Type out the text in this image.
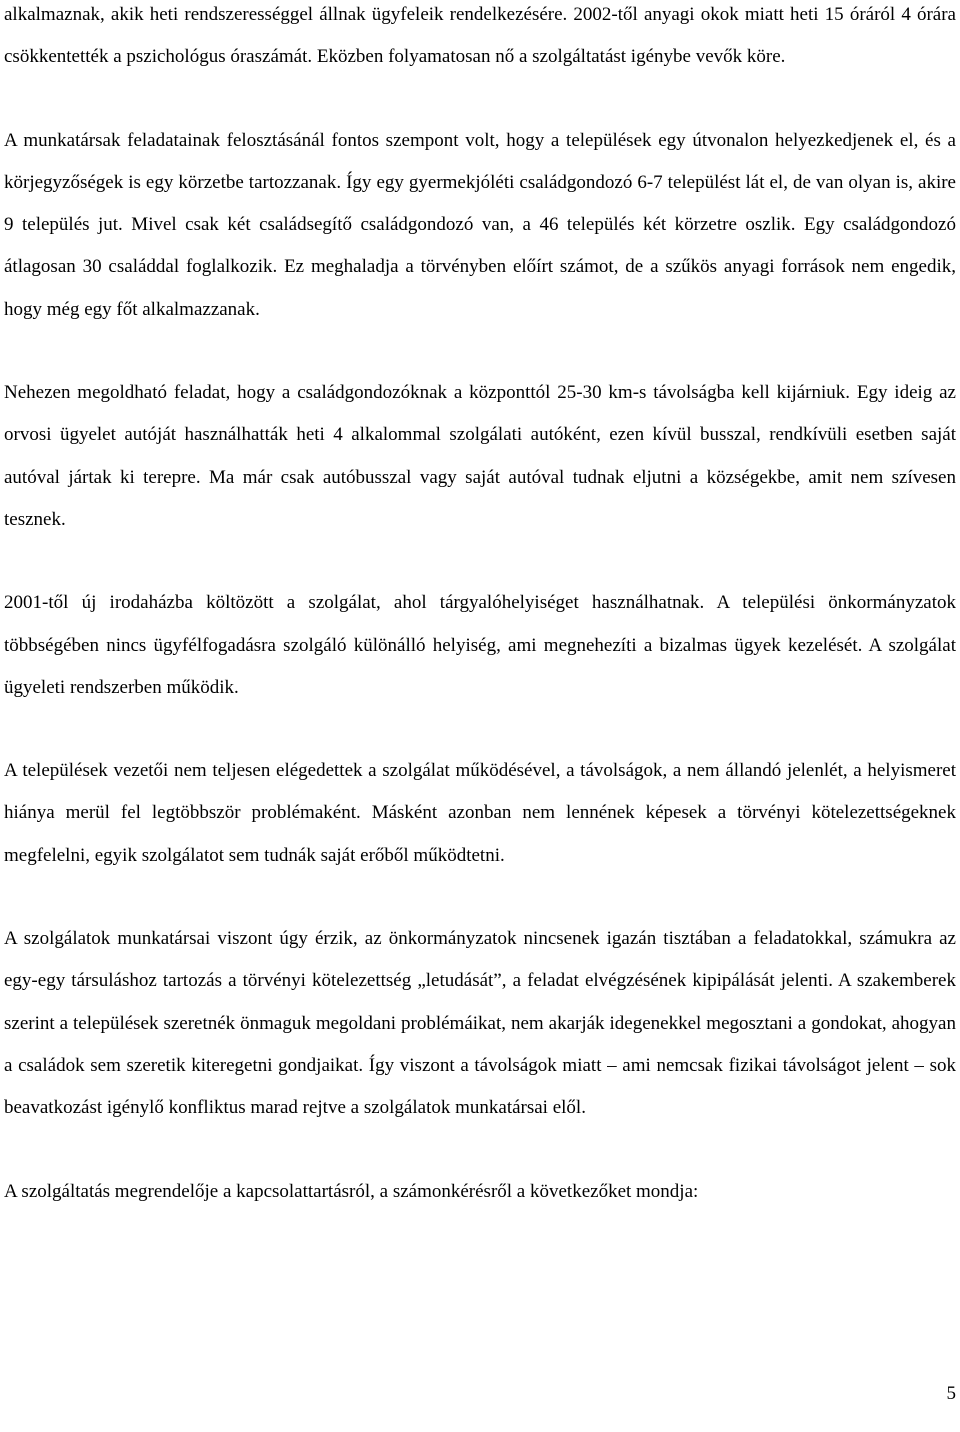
alkalmaznak, akik heti rendszerességgel állnak ügyfeleik rendelkezésére. 2002-től anyagi okok miatt heti 15 óráról 4 órára csökkentették a pszichológus óraszámát. Eközben folyamatosan nő a szolgáltatást igénybe vevők köre.

A munkatársak feladatainak felosztásánál fontos szempont volt, hogy a települések egy útvonalon helyezkedjenek el, és a körjegyzőségek is egy körzetbe tartozzanak. Így egy gyermekjóléti családgondozó 6-7 települést lát el, de van olyan is, akire 9 település jut. Mivel csak két családsegítő családgondozó van, a 46 település két körzetre oszlik. Egy családgondozó átlagosan 30 családdal foglalkozik. Ez meghaladja a törvényben előírt számot, de a szűkös anyagi források nem engedik, hogy még egy főt alkalmazzanak.

Nehezen megoldható feladat, hogy a családgondozóknak a központtól 25-30 km-s távolságba kell kijárniuk. Egy ideig az orvosi ügyelet autóját használhatták heti 4 alkalommal szolgálati autóként, ezen kívül busszal, rendkívüli esetben saját autóval jártak ki terepre. Ma már csak autóbusszal vagy saját autóval tudnak eljutni a községekbe, amit nem szívesen tesznek.

2001-től új irodaházba költözött a szolgálat, ahol tárgyalóhelyiséget használhatnak. A települési önkormányzatok többségében nincs ügyfélfogadásra szolgáló különálló helyiség, ami megnehezíti a bizalmas ügyek kezelését. A szolgálat ügyeleti rendszerben működik.

A települések vezetői nem teljesen elégedettek a szolgálat működésével, a távolságok, a nem állandó jelenlét, a helyismeret hiánya merül fel legtöbbször problémaként. Másként azonban nem lennének képesek a törvényi kötelezettségeknek megfelelni, egyik szolgálatot sem tudnák saját erőből működtetni.

A szolgálatok munkatársai viszont úgy érzik, az önkormányzatok nincsenek igazán tisztában a feladatokkal, számukra az egy-egy társuláshoz tartozás a törvényi kötelezettség „letudását”, a feladat elvégzésének kipipálását jelenti. A szakemberek szerint a települések szeretnék önmaguk megoldani problémáikat, nem akarják idegenekkel megosztani a gondokat, ahogyan a családok sem szeretik kiteregetni gondjaikat. Így viszont a távolságok miatt – ami nemcsak fizikai távolságot jelent – sok beavatkozást igénylő konfliktus marad rejtve a szolgálatok munkatársai elől.

A szolgáltatás megrendelője a kapcsolattartásról, a számonkérésről a következőket mondja:

5
